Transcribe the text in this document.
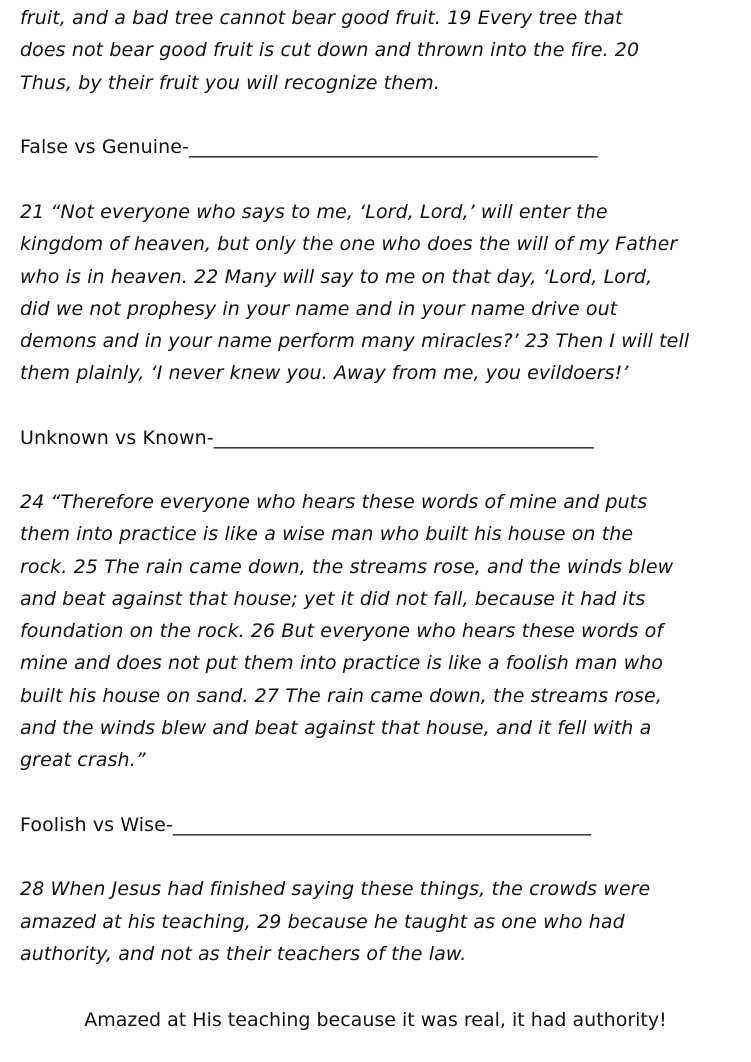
fruit, and a bad tree cannot bear good fruit. 19 Every tree that
does not bear good fruit is cut down and thrown into the fire. 20
Thus, by their fruit you will recognize them.
False vs Genuine-___________________________________________
21 “Not everyone who says to me, ‘Lord, Lord,’ will enter the
kingdom of heaven, but only the one who does the will of my Father
who is in heaven. 22 Many will say to me on that day, ‘Lord, Lord,
did we not prophesy in your name and in your name drive out
demons and in your name perform many miracles?’ 23 Then I will tell
them plainly, ‘I never knew you. Away from me, you evildoers!’
Unknown vs Known-________________________________________
24 “Therefore everyone who hears these words of mine and puts
them into practice is like a wise man who built his house on the
rock. 25 The rain came down, the streams rose, and the winds blew
and beat against that house; yet it did not fall, because it had its
foundation on the rock. 26 But everyone who hears these words of
mine and does not put them into practice is like a foolish man who
built his house on sand. 27 The rain came down, the streams rose,
and the winds blew and beat against that house, and it fell with a
great crash.”
Foolish vs Wise-____________________________________________
28 When Jesus had finished saying these things, the crowds were
amazed at his teaching, 29 because he taught as one who had
authority, and not as their teachers of the law.
Amazed at His teaching because it was real, it had authority!
